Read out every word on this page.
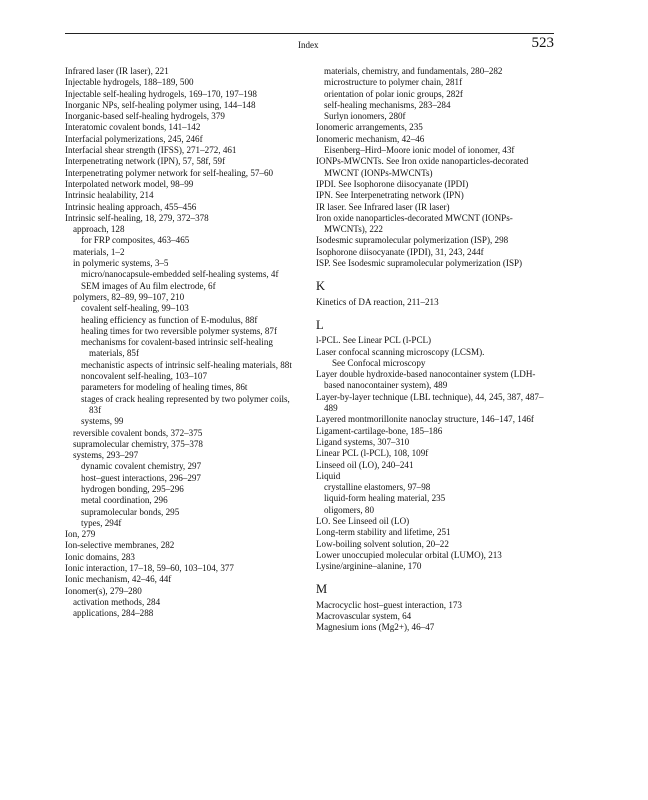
Index	523
Infrared laser (IR laser), 221
Injectable hydrogels, 188–189, 500
Injectable self-healing hydrogels, 169–170, 197–198
Inorganic NPs, self-healing polymer using, 144–148
Inorganic-based self-healing hydrogels, 379
Interatomic covalent bonds, 141–142
Interfacial polymerizations, 245, 246f
Interfacial shear strength (IFSS), 271–272, 461
Interpenetrating network (IPN), 57, 58f, 59f
Interpenetrating polymer network for self-healing, 57–60
Interpolated network model, 98–99
Intrinsic healability, 214
Intrinsic healing approach, 455–456
Intrinsic self-healing, 18, 279, 372–378
approach, 128
for FRP composites, 463–465
materials, 1–2
in polymeric systems, 3–5
micro/nanocapsule-embedded self-healing systems, 4f
SEM images of Au film electrode, 6f
polymers, 82–89, 99–107, 210
covalent self-healing, 99–103
healing efficiency as function of E-modulus, 88f
healing times for two reversible polymer systems, 87f
mechanisms for covalent-based intrinsic self-healing materials, 85f
mechanistic aspects of intrinsic self-healing materials, 88t
noncovalent self-healing, 103–107
parameters for modeling of healing times, 86t
stages of crack healing represented by two polymer coils, 83f
systems, 99
reversible covalent bonds, 372–375
supramolecular chemistry, 375–378
systems, 293–297
dynamic covalent chemistry, 297
host–guest interactions, 296–297
hydrogen bonding, 295–296
metal coordination, 296
supramolecular bonds, 295
types, 294f
Ion, 279
Ion-selective membranes, 282
Ionic domains, 283
Ionic interaction, 17–18, 59–60, 103–104, 377
Ionic mechanism, 42–46, 44f
Ionomer(s), 279–280
activation methods, 284
applications, 284–288
materials, chemistry, and fundamentals, 280–282
microstructure to polymer chain, 281f
orientation of polar ionic groups, 282f
self-healing mechanisms, 283–284
Surlyn ionomers, 280f
Ionomeric arrangements, 235
Ionomeric mechanism, 42–46
Eisenberg–Hird–Moore ionic model of ionomer, 43f
IONPs-MWCNTs. See Iron oxide nanoparticles-decorated MWCNT (IONPs-MWCNTs)
IPDI. See Isophorone diisocyanate (IPDI)
IPN. See Interpenetrating network (IPN)
IR laser. See Infrared laser (IR laser)
Iron oxide nanoparticles-decorated MWCNT (IONPs-MWCNTs), 222
Isodesmic supramolecular polymerization (ISP), 298
Isophorone diisocyanate (IPDI), 31, 243, 244f
ISP. See Isodesmic supramolecular polymerization (ISP)
K
Kinetics of DA reaction, 211–213
L
l-PCL. See Linear PCL (l-PCL)
Laser confocal scanning microscopy (LCSM).
See Confocal microscopy
Layer double hydroxide-based nanocontainer system (LDH-based nanocontainer system), 489
Layer-by-layer technique (LBL technique), 44, 245, 387, 487–489
Layered montmorillonite nanoclay structure, 146–147, 146f
Ligament-cartilage-bone, 185–186
Ligand systems, 307–310
Linear PCL (l-PCL), 108, 109f
Linseed oil (LO), 240–241
Liquid
crystalline elastomers, 97–98
liquid-form healing material, 235
oligomers, 80
LO. See Linseed oil (LO)
Long-term stability and lifetime, 251
Low-boiling solvent solution, 20–22
Lower unoccupied molecular orbital (LUMO), 213
Lysine/arginine–alanine, 170
M
Macrocyclic host–guest interaction, 173
Macrovascular system, 64
Magnesium ions (Mg2+), 46–47
